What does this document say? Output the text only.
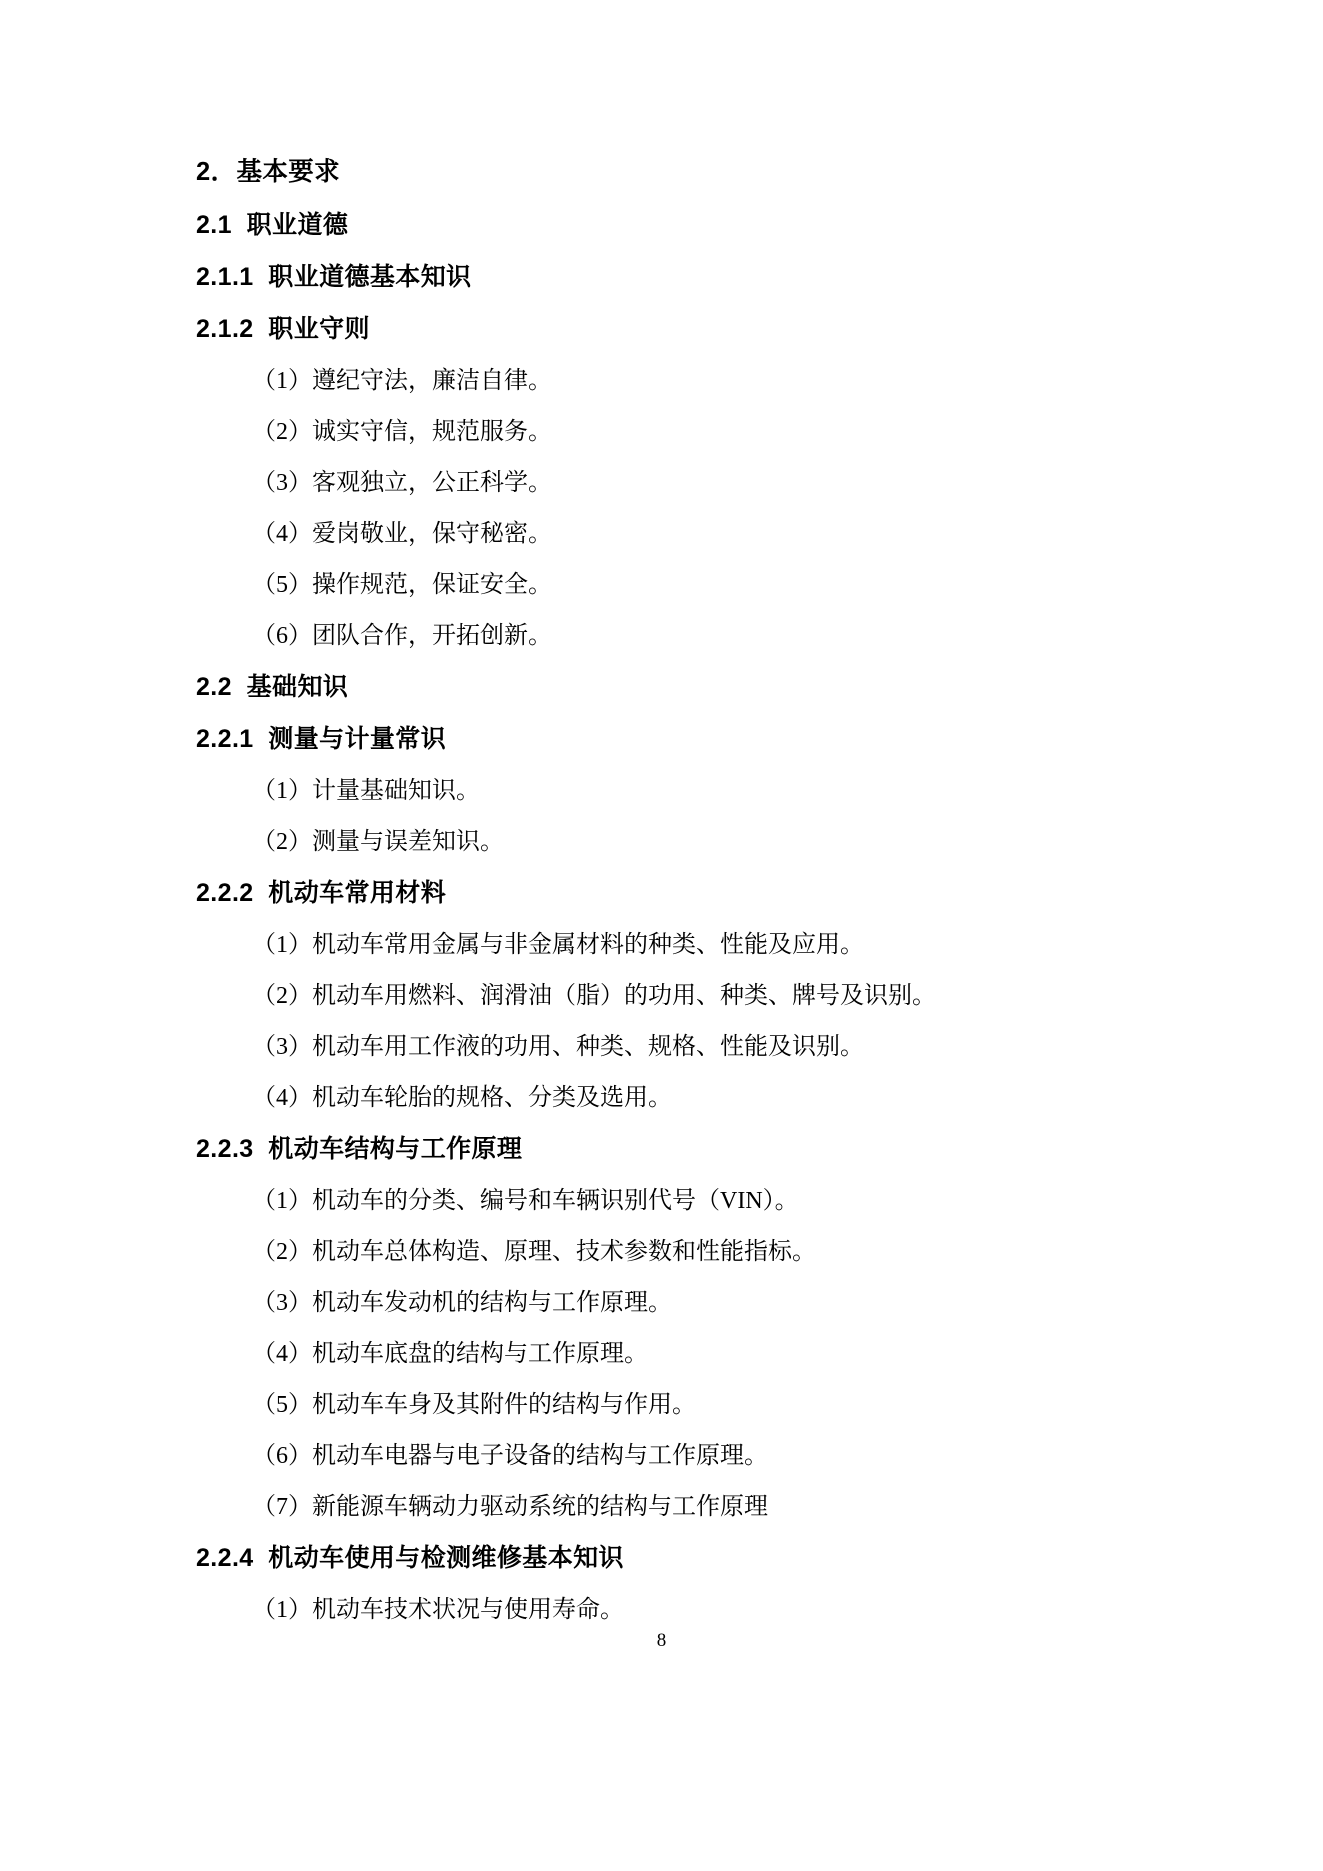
2．基本要求
2.1  职业道德
2.1.1  职业道德基本知识
2.1.2  职业守则
（1）遵纪守法，廉洁自律。
（2）诚实守信，规范服务。
（3）客观独立，公正科学。
（4）爱岗敬业，保守秘密。
（5）操作规范，保证安全。
（6）团队合作，开拓创新。
2.2  基础知识
2.2.1  测量与计量常识
（1）计量基础知识。
（2）测量与误差知识。
2.2.2  机动车常用材料
（1）机动车常用金属与非金属材料的种类、性能及应用。
（2）机动车用燃料、润滑油（脂）的功用、种类、牌号及识别。
（3）机动车用工作液的功用、种类、规格、性能及识别。
（4）机动车轮胎的规格、分类及选用。
2.2.3  机动车结构与工作原理
（1）机动车的分类、编号和车辆识别代号（VIN）。
（2）机动车总体构造、原理、技术参数和性能指标。
（3）机动车发动机的结构与工作原理。
（4）机动车底盘的结构与工作原理。
（5）机动车车身及其附件的结构与作用。
（6）机动车电器与电子设备的结构与工作原理。
（7）新能源车辆动力驱动系统的结构与工作原理
2.2.4  机动车使用与检测维修基本知识
（1）机动车技术状况与使用寿命。
8
